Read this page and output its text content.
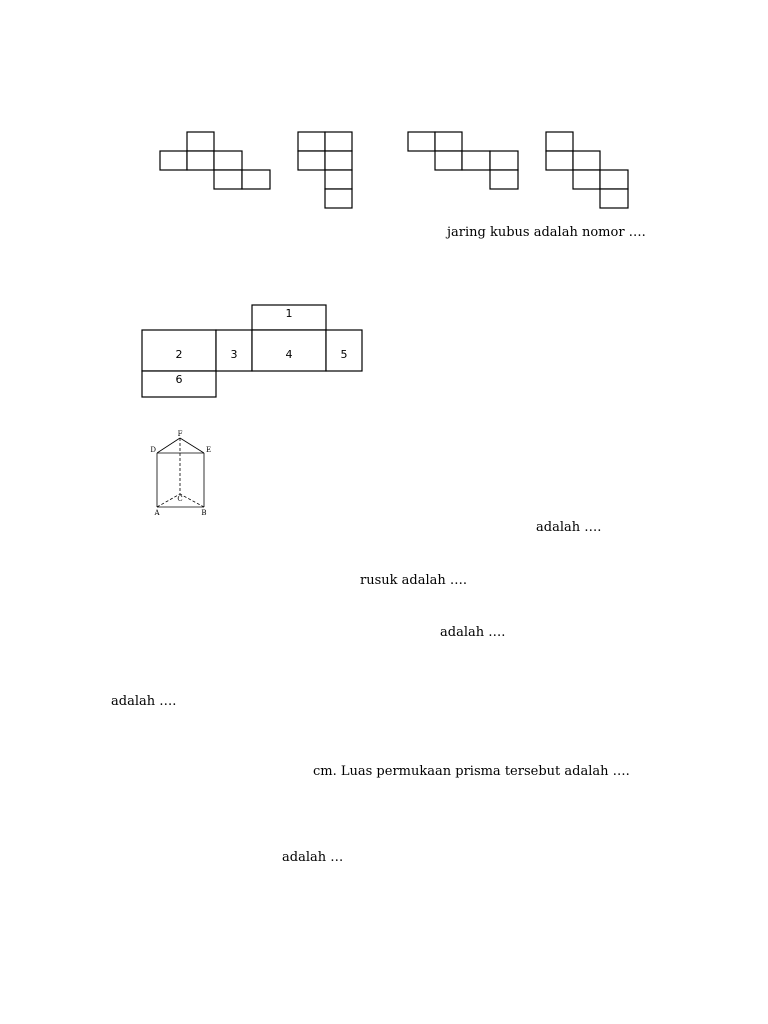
jaring kubus adalah nomor ….
1
2	3	4	5
6
F
D	E
C
A	B
adalah ….
rusuk adalah ….
adalah ….
adalah ….
cm. Luas permukaan prisma tersebut adalah ….
adalah …
